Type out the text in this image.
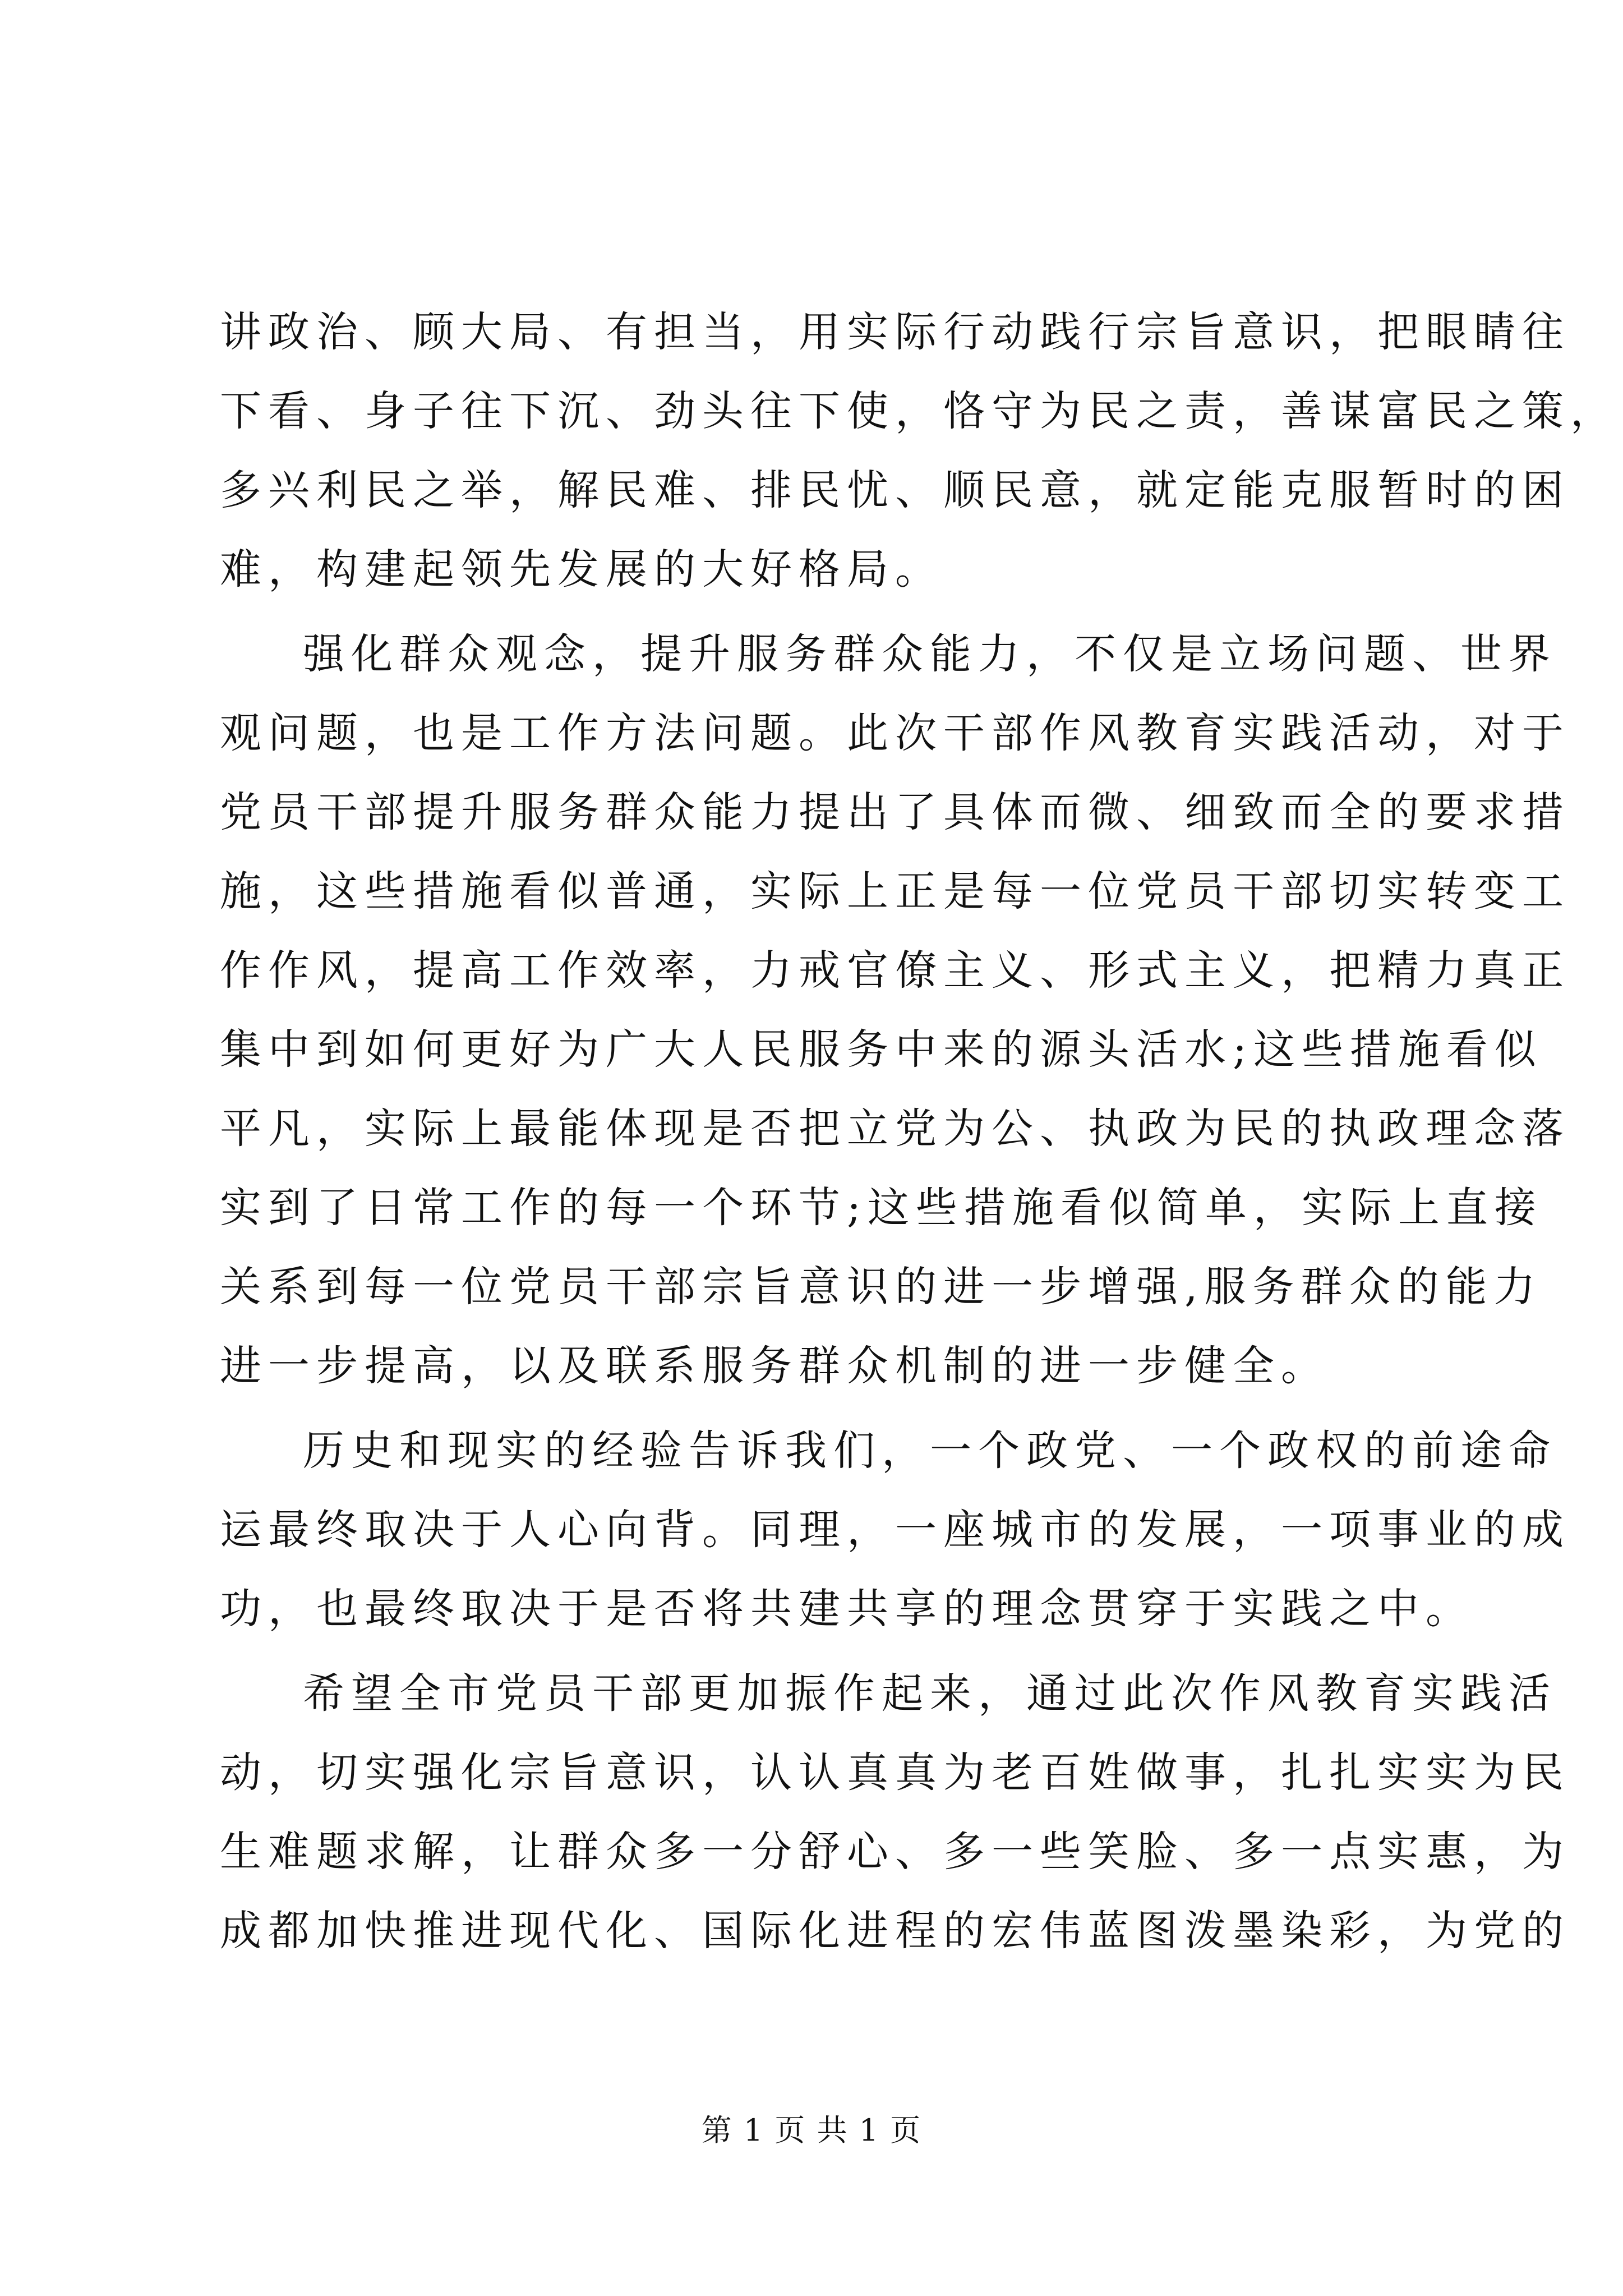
讲政治、顾大局、有担当，用实际行动践行宗旨意识，把眼睛往
下看、身子往下沉、劲头往下使，恪守为民之责，善谋富民之策，
多兴利民之举，解民难、排民忧、顺民意，就定能克服暂时的困
难，构建起领先发展的大好格局。
强化群众观念，提升服务群众能力，不仅是立场问题、世界
观问题，也是工作方法问题。此次干部作风教育实践活动，对于
党员干部提升服务群众能力提出了具体而微、细致而全的要求措
施，这些措施看似普通，实际上正是每一位党员干部切实转变工
作作风，提高工作效率，力戒官僚主义、形式主义，把精力真正
集中到如何更好为广大人民服务中来的源头活水;这些措施看似
平凡，实际上最能体现是否把立党为公、执政为民的执政理念落
实到了日常工作的每一个环节;这些措施看似简单，实际上直接
关系到每一位党员干部宗旨意识的进一步增强,服务群众的能力
进一步提高，以及联系服务群众机制的进一步健全。
历史和现实的经验告诉我们，一个政党、一个政权的前途命
运最终取决于人心向背。同理，一座城市的发展，一项事业的成
功，也最终取决于是否将共建共享的理念贯穿于实践之中。
希望全市党员干部更加振作起来，通过此次作风教育实践活
动，切实强化宗旨意识，认认真真为老百姓做事，扎扎实实为民
生难题求解，让群众多一分舒心、多一些笑脸、多一点实惠，为
成都加快推进现代化、国际化进程的宏伟蓝图泼墨染彩，为党的
第 1 页 共 1 页
